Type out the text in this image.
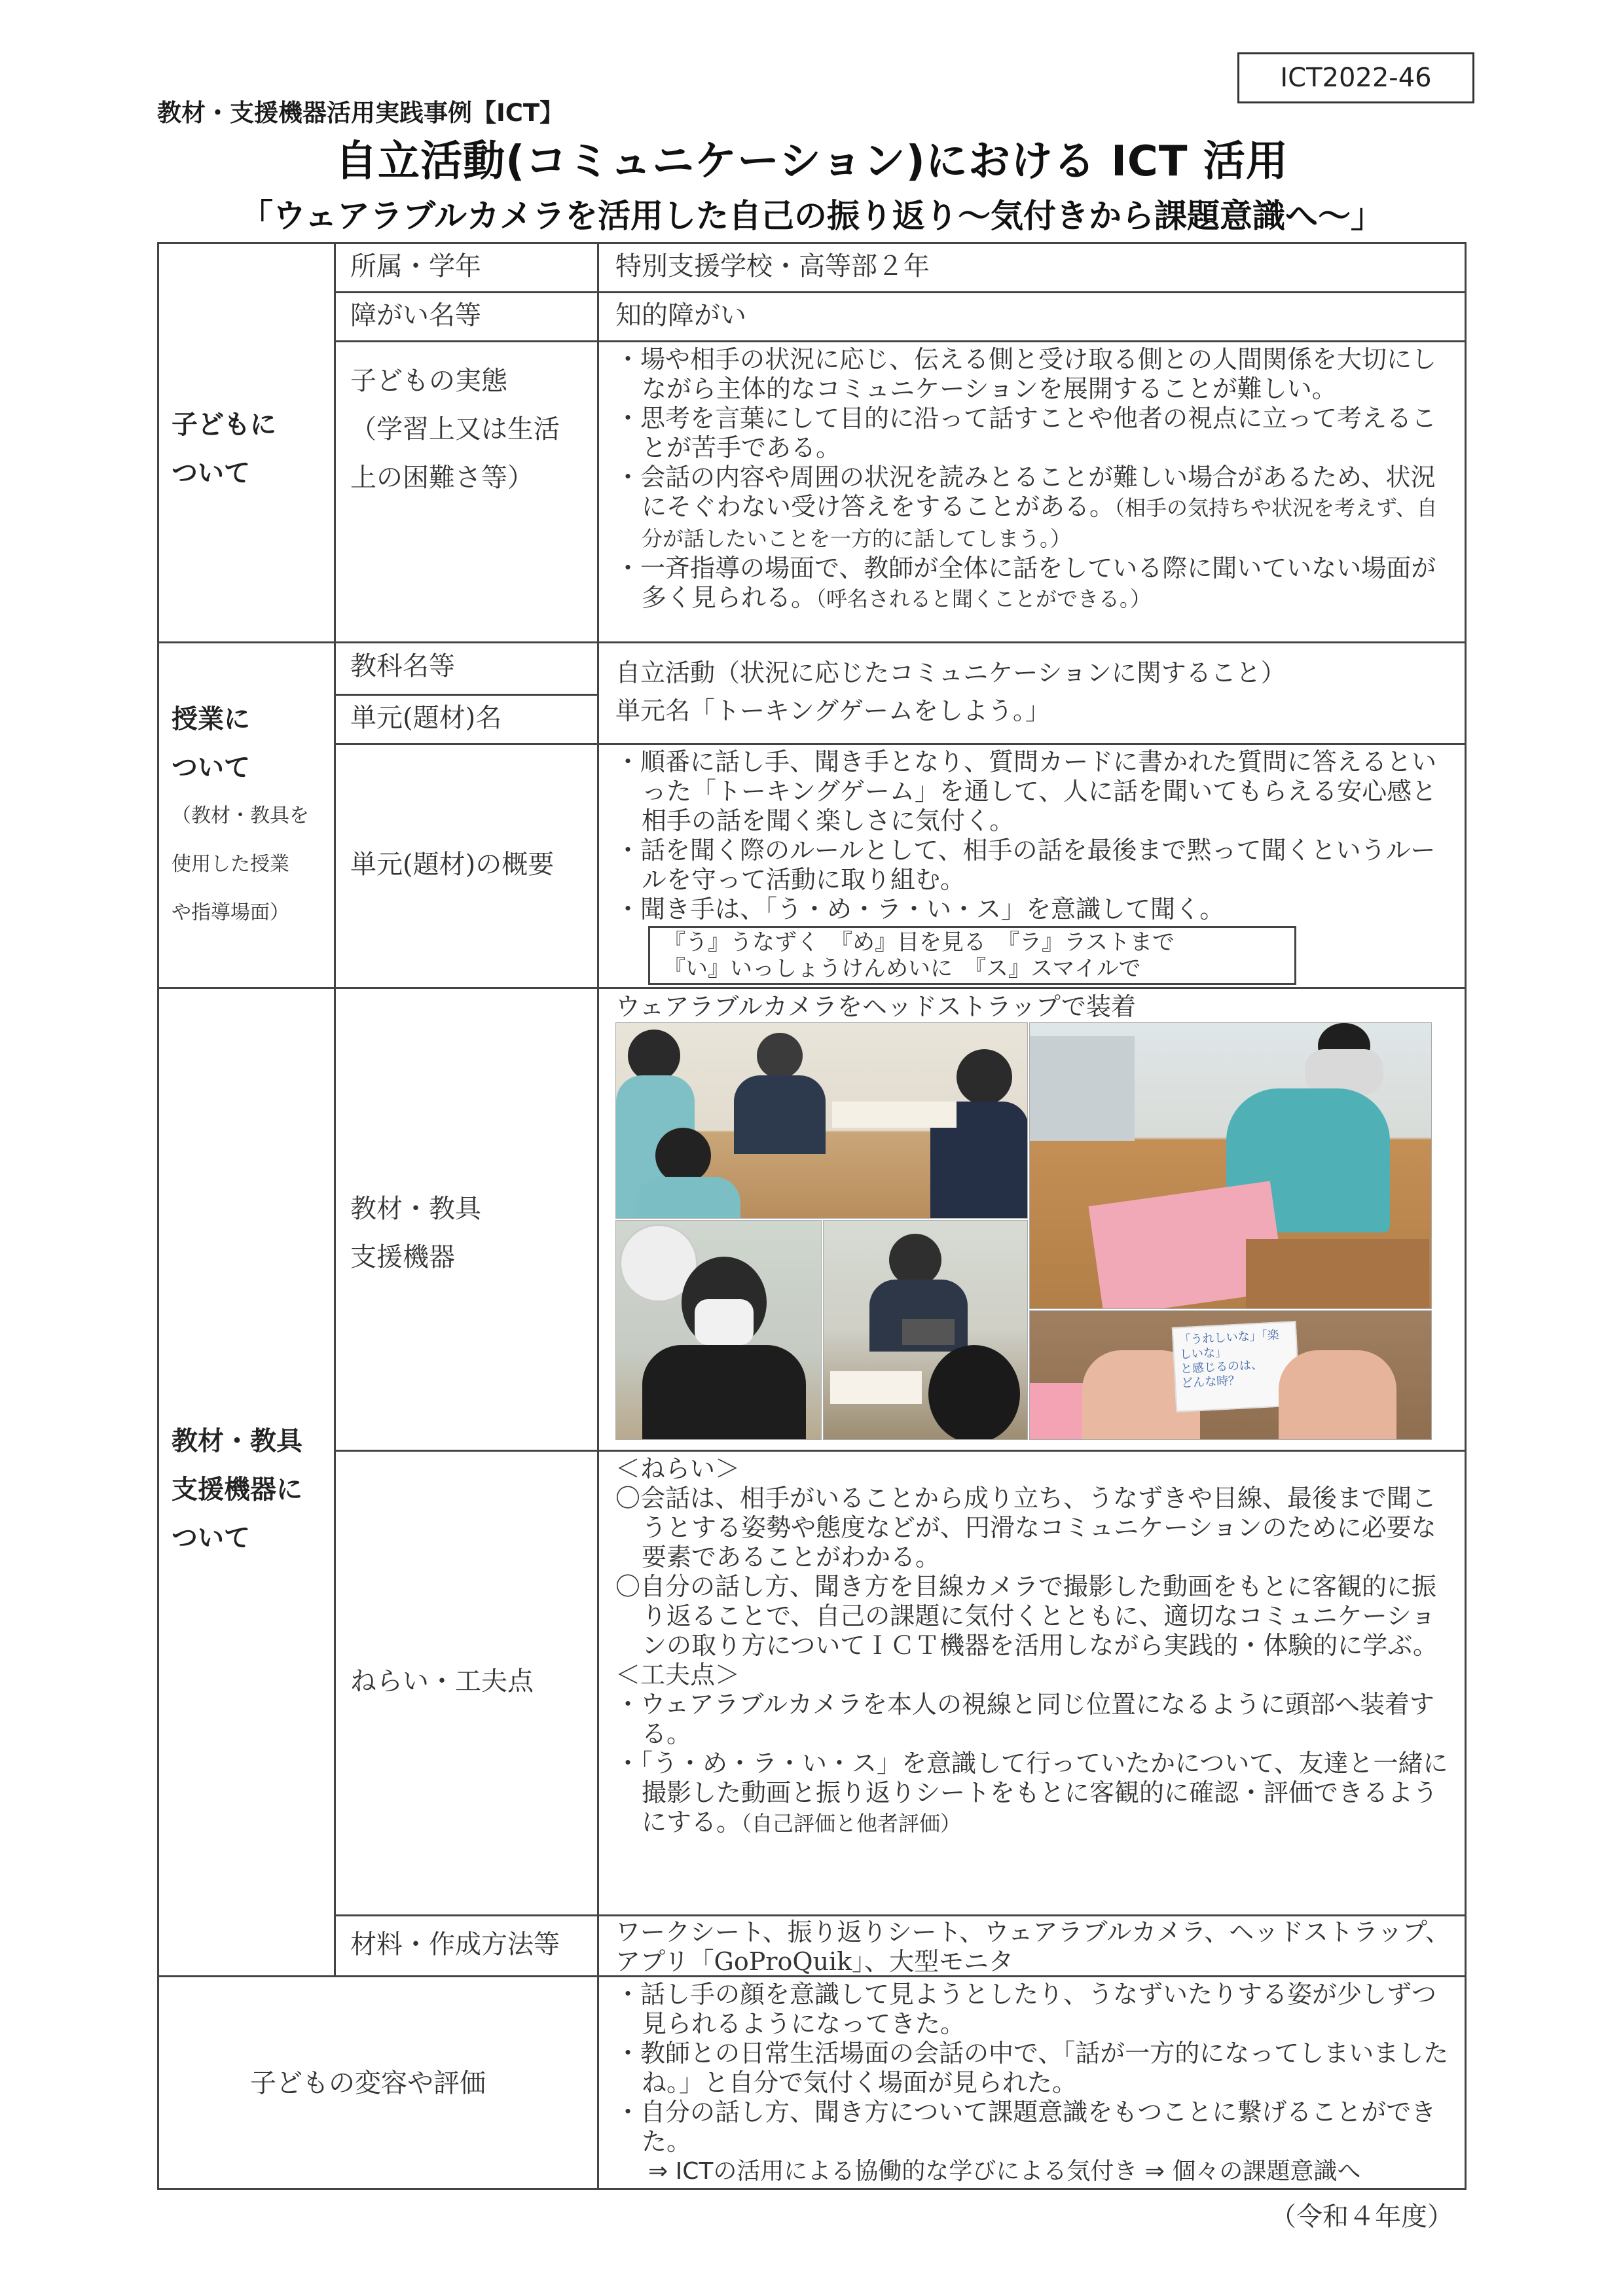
ICT2022-46
教材・支援機器活用実践事例【ICT】
自立活動(コミュニケーション)における ICT 活用
「ウェアラブルカメラを活用した自己の振り返り～気付きから課題意識へ～」
子どもに
ついて
所属・学年	特別支援学校・高等部２年
障がい名等	知的障がい
子どもの実態
（学習上又は生活
上の困難さ等）
・場や相手の状況に応じ、伝える側と受け取る側との人間関係を大切にしながら主体的なコミュニケーションを展開することが難しい。
・思考を言葉にして目的に沿って話すことや他者の視点に立って考えることが苦手である。
・会話の内容や周囲の状況を読みとることが難しい場合があるため、状況にそぐわない受け答えをすることがある。（相手の気持ちや状況を考えず、自分が話したいことを一方的に話してしまう。）
・一斉指導の場面で、教師が全体に話をしている際に聞いていない場面が多く見られる。（呼名されると聞くことができる。）
授業に
ついて
（教材・教具を
使用した授業
や指導場面）
教科名等
単元(題材)名
自立活動（状況に応じたコミュニケーションに関すること）
単元名「トーキングゲームをしよう。」
単元(題材)の概要
・順番に話し手、聞き手となり、質問カードに書かれた質問に答えるといった「トーキングゲーム」を通して、人に話を聞いてもらえる安心感と相手の話を聞く楽しさに気付く。
・話を聞く際のルールとして、相手の話を最後まで黙って聞くというルールを守って活動に取り組む。
・聞き手は、「う・め・ラ・い・ス」を意識して聞く。
『う』うなずく　『め』目を見る　『ラ』ラストまで
『い』いっしょうけんめいに　『ス』スマイルで
教材・教具
支援機器に
ついて
教材・教具
支援機器
ウェアラブルカメラをヘッドストラップで装着
「うれしいな」「楽しいな」
と感じるのは、
どんな時？
ねらい・工夫点
＜ねらい＞
〇会話は、相手がいることから成り立ち、うなずきや目線、最後まで聞こうとする姿勢や態度などが、円滑なコミュニケーションのために必要な要素であることがわかる。
〇自分の話し方、聞き方を目線カメラで撮影した動画をもとに客観的に振り返ることで、自己の課題に気付くとともに、適切なコミュニケーションの取り方についてＩＣＴ機器を活用しながら実践的・体験的に学ぶ。
＜工夫点＞
・ウェアラブルカメラを本人の視線と同じ位置になるように頭部へ装着する。
・「う・め・ラ・い・ス」を意識して行っていたかについて、友達と一緒に撮影した動画と振り返りシートをもとに客観的に確認・評価できるようにする。（自己評価と他者評価）
材料・作成方法等 ワークシート、振り返りシート、ウェアラブルカメラ、ヘッドストラップ、アプリ「GoProQuik」、大型モニタ
子どもの変容や評価
・話し手の顔を意識して見ようとしたり、うなずいたりする姿が少しずつ見られるようになってきた。
・教師との日常生活場面の会話の中で、「話が一方的になってしまいましたね。」と自分で気付く場面が見られた。
・自分の話し方、聞き方について課題意識をもつことに繋げることができた。
⇒ ICTの活用による協働的な学びによる気付き ⇒ 個々の課題意識へ
（令和４年度）
